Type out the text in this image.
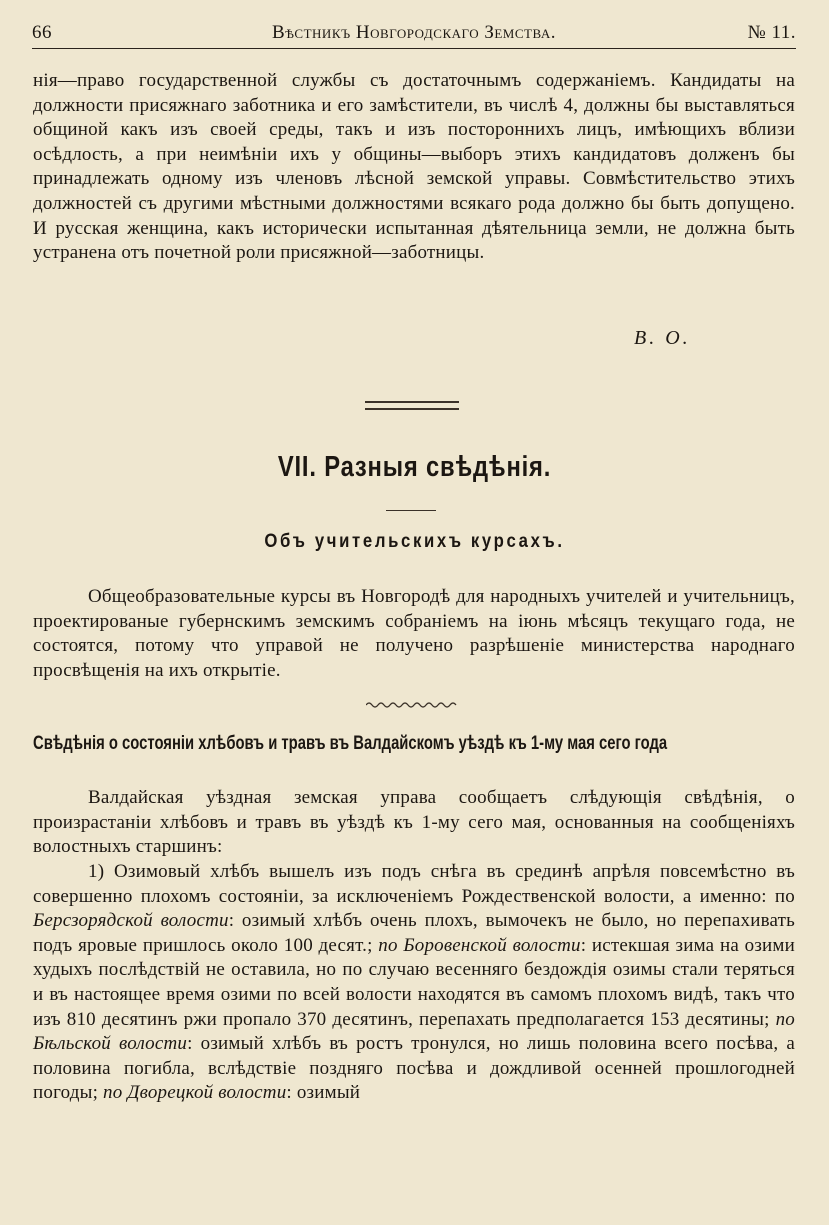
66	Вѣстникъ Новгородскаго Земства.	№ 11.
нія—право государственной службы съ достаточнымъ содержаніемъ. Кандидаты на должности присяжнаго заботника и его замѣстители, въ числѣ 4, должны бы выставляться общиной какъ изъ своей среды, такъ и изъ постороннихъ лицъ, имѣющихъ вблизи осѣдлость, а при неимѣніи ихъ у общины—выборъ этихъ кандидатовъ долженъ бы принадлежать одному изъ членовъ лѣсной земской управы. Совмѣстительство этихъ должностей съ другими мѣстными должностями всякаго рода должно бы быть допущено. И русская женщина, какъ исторически испытанная дѣятельница земли, не должна быть устранена отъ почетной роли присяжной—заботницы.
В. О.
VII. Разныя свѣдѣнія.
Объ учительскихъ курсахъ.
Общеобразовательные курсы въ Новгородѣ для народныхъ учителей и учительницъ, проектированые губернскимъ земскимъ собраніемъ на іюнь мѣсяцъ текущаго года, не состоятся, потому что управой не получено разрѣшеніе министерства народнаго просвѣщенія на ихъ открытіе.
Свѣдѣнія о состояніи хлѣбовъ и травъ въ Валдайскомъ уѣздѣ къ 1-му мая сего года
Валдайская уѣздная земская управа сообщаетъ слѣдующія свѣдѣнія, о произрастаніи хлѣбовъ и травъ въ уѣздѣ къ 1-му сего мая, основанныя на сообщеніяхъ волостныхъ старшинъ:
1) Озимовый хлѣбъ вышелъ изъ подъ снѣга въ срединѣ апрѣля повсемѣстно въ совершенно плохомъ состояніи, за исключеніемъ Рождественской волости, а именно: по Берсзорядской волости: озимый хлѣбъ очень плохъ, вымочекъ не было, но перепахивать подъ яровые пришлось около 100 десят.; по Боровенской волости: истекшая зима на озими худыхъ послѣдствій не оставила, но по случаю весенняго бездождія озимы стали теряться и въ настоящее время озими по всей волости находятся въ самомъ плохомъ видѣ, такъ что изъ 810 десятинъ ржи пропало 370 десятинъ, перепахать предполагается 153 десятины; по Бѣльской волости: озимый хлѣбъ въ ростъ тронулся, но лишь половина всего посѣва, а половина погибла, вслѣдствіе поздняго посѣва и дождливой осенней прошлогодней погоды; по Дворецкой волости: озимый
